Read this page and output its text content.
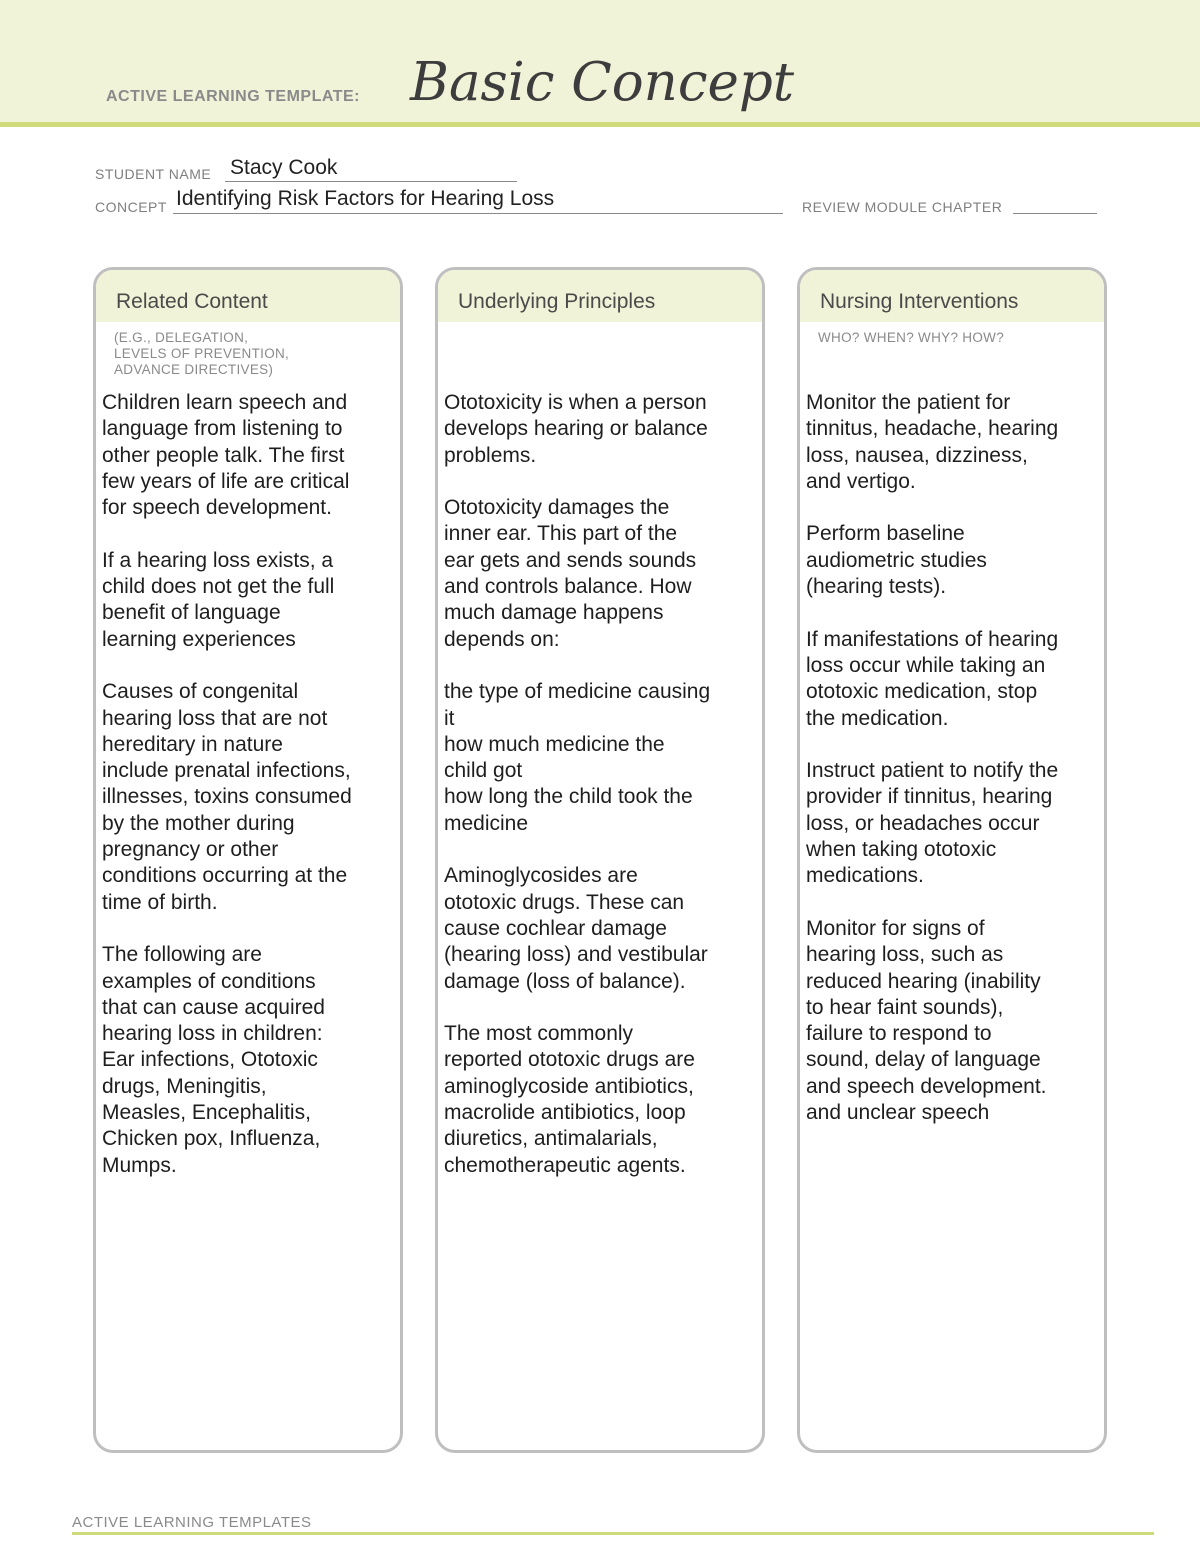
ACTIVE LEARNING TEMPLATE: Basic Concept
STUDENT NAME Stacy Cook
CONCEPT Identifying Risk Factors for Hearing Loss	REVIEW MODULE CHAPTER
Related Content
(E.G., DELEGATION,
LEVELS OF PREVENTION,
ADVANCE DIRECTIVES)

Children learn speech and
language from listening to
other people talk. The first
few years of life are critical
for speech development.

If a hearing loss exists, a
child does not get the full
benefit of language
learning experiences

Causes of congenital
hearing loss that are not
hereditary in nature
include prenatal infections,
illnesses, toxins consumed
by the mother during
pregnancy or other
conditions occurring at the
time of birth.

The following are
examples of conditions
that can cause acquired
hearing loss in children:
Ear infections, Ototoxic
drugs, Meningitis,
Measles, Encephalitis,
Chicken pox, Influenza,
Mumps.

Underlying Principles

Ototoxicity is when a person
develops hearing or balance
problems.

Ototoxicity damages the
inner ear. This part of the
ear gets and sends sounds
and controls balance. How
much damage happens
depends on:

the type of medicine causing
it
how much medicine the
child got
how long the child took the
medicine

Aminoglycosides are
ototoxic drugs. These can
cause cochlear damage
(hearing loss) and vestibular
damage (loss of balance).

The most commonly
reported ototoxic drugs are
aminoglycoside antibiotics,
macrolide antibiotics, loop
diuretics, antimalarials,
chemotherapeutic agents.

Nursing Interventions
WHO? WHEN? WHY? HOW?

Monitor the patient for
tinnitus, headache, hearing
loss, nausea, dizziness,
and vertigo.

Perform baseline
audiometric studies
(hearing tests).

If manifestations of hearing
loss occur while taking an
ototoxic medication, stop
the medication.

Instruct patient to notify the
provider if tinnitus, hearing
loss, or headaches occur
when taking ototoxic
medications.

Monitor for signs of
hearing loss, such as
reduced hearing (inability
to hear faint sounds),
failure to respond to
sound, delay of language
and speech development.
and unclear speech

ACTIVE LEARNING TEMPLATES
